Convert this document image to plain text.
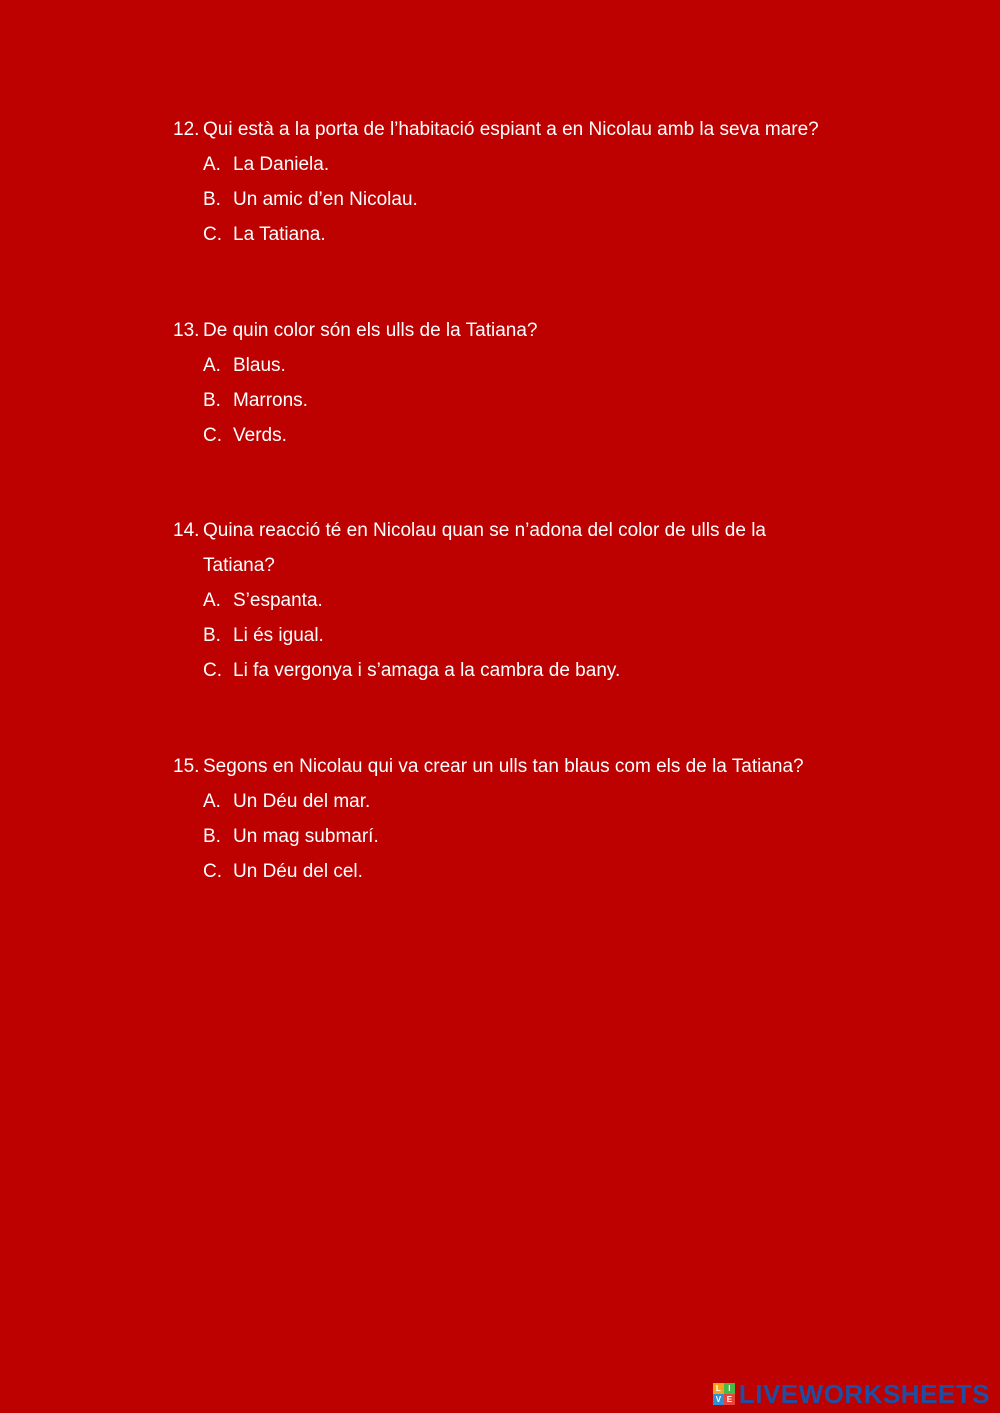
12. Qui està a la porta de l’habitació espiant a en Nicolau amb la seva mare?
A. La Daniela.
B. Un amic d’en Nicolau.
C. La Tatiana.
13. De quin color són els ulls de la Tatiana?
A. Blaus.
B. Marrons.
C. Verds.
14. Quina reacció té en Nicolau quan se n’adona del color de ulls de la
Tatiana?
A. S’espanta.
B. Li és igual.
C. Li fa vergonya i s’amaga a la cambra de bany.
15. Segons en Nicolau qui va crear un ulls tan blaus com els de la Tatiana?
A. Un Déu del mar.
B. Un mag submarí.
C. Un Déu del cel.
L I
V E LIVEWORKSHEETS
